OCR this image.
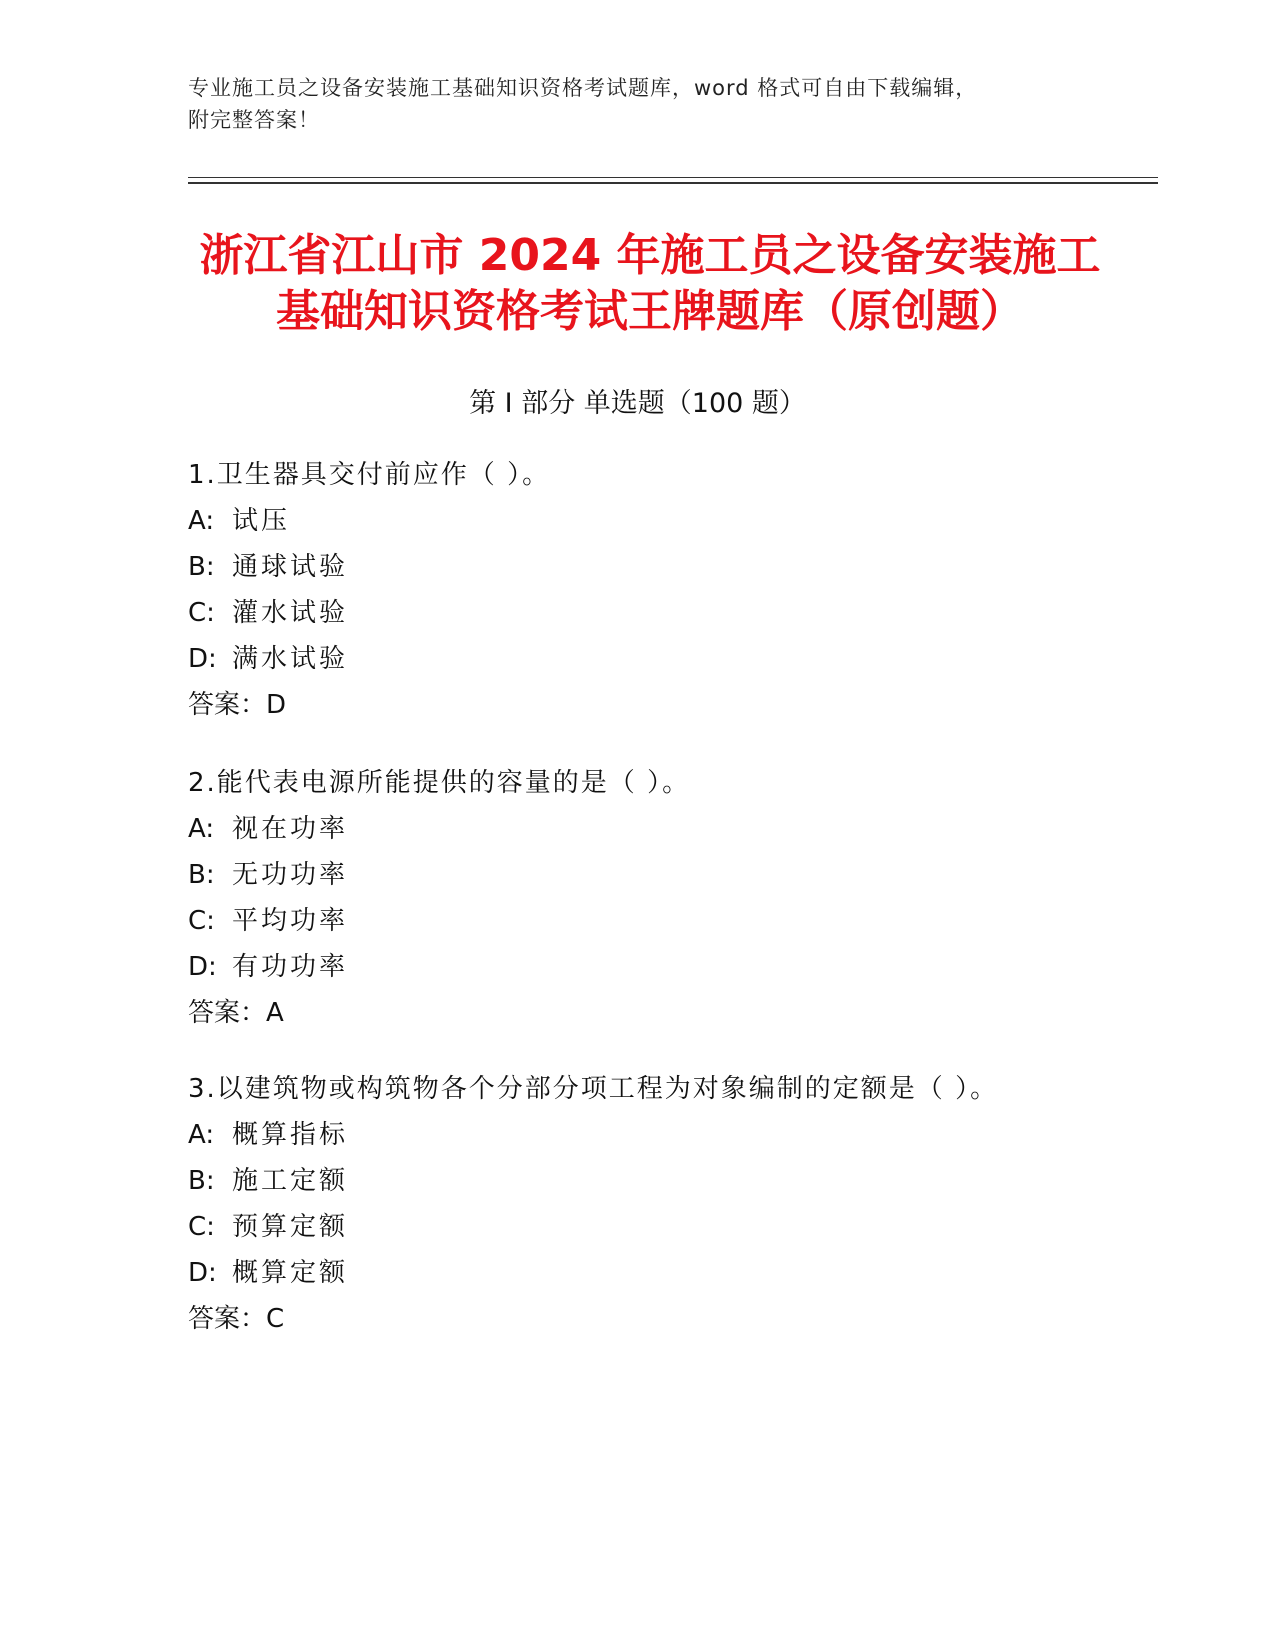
专业施工员之设备安装施工基础知识资格考试题库，word 格式可自由下载编辑，
附完整答案！
浙江省江山市 2024 年施工员之设备安装施工
基础知识资格考试王牌题库（原创题）
第 I 部分 单选题（100 题）
1.卫生器具交付前应作（ ）。
A: 试压
B: 通球试验
C: 灌水试验
D: 满水试验
答案：D
2.能代表电源所能提供的容量的是（ ）。
A: 视在功率
B: 无功功率
C: 平均功率
D: 有功功率
答案：A
3.以建筑物或构筑物各个分部分项工程为对象编制的定额是（ ）。
A: 概算指标
B: 施工定额
C: 预算定额
D: 概算定额
答案：C
